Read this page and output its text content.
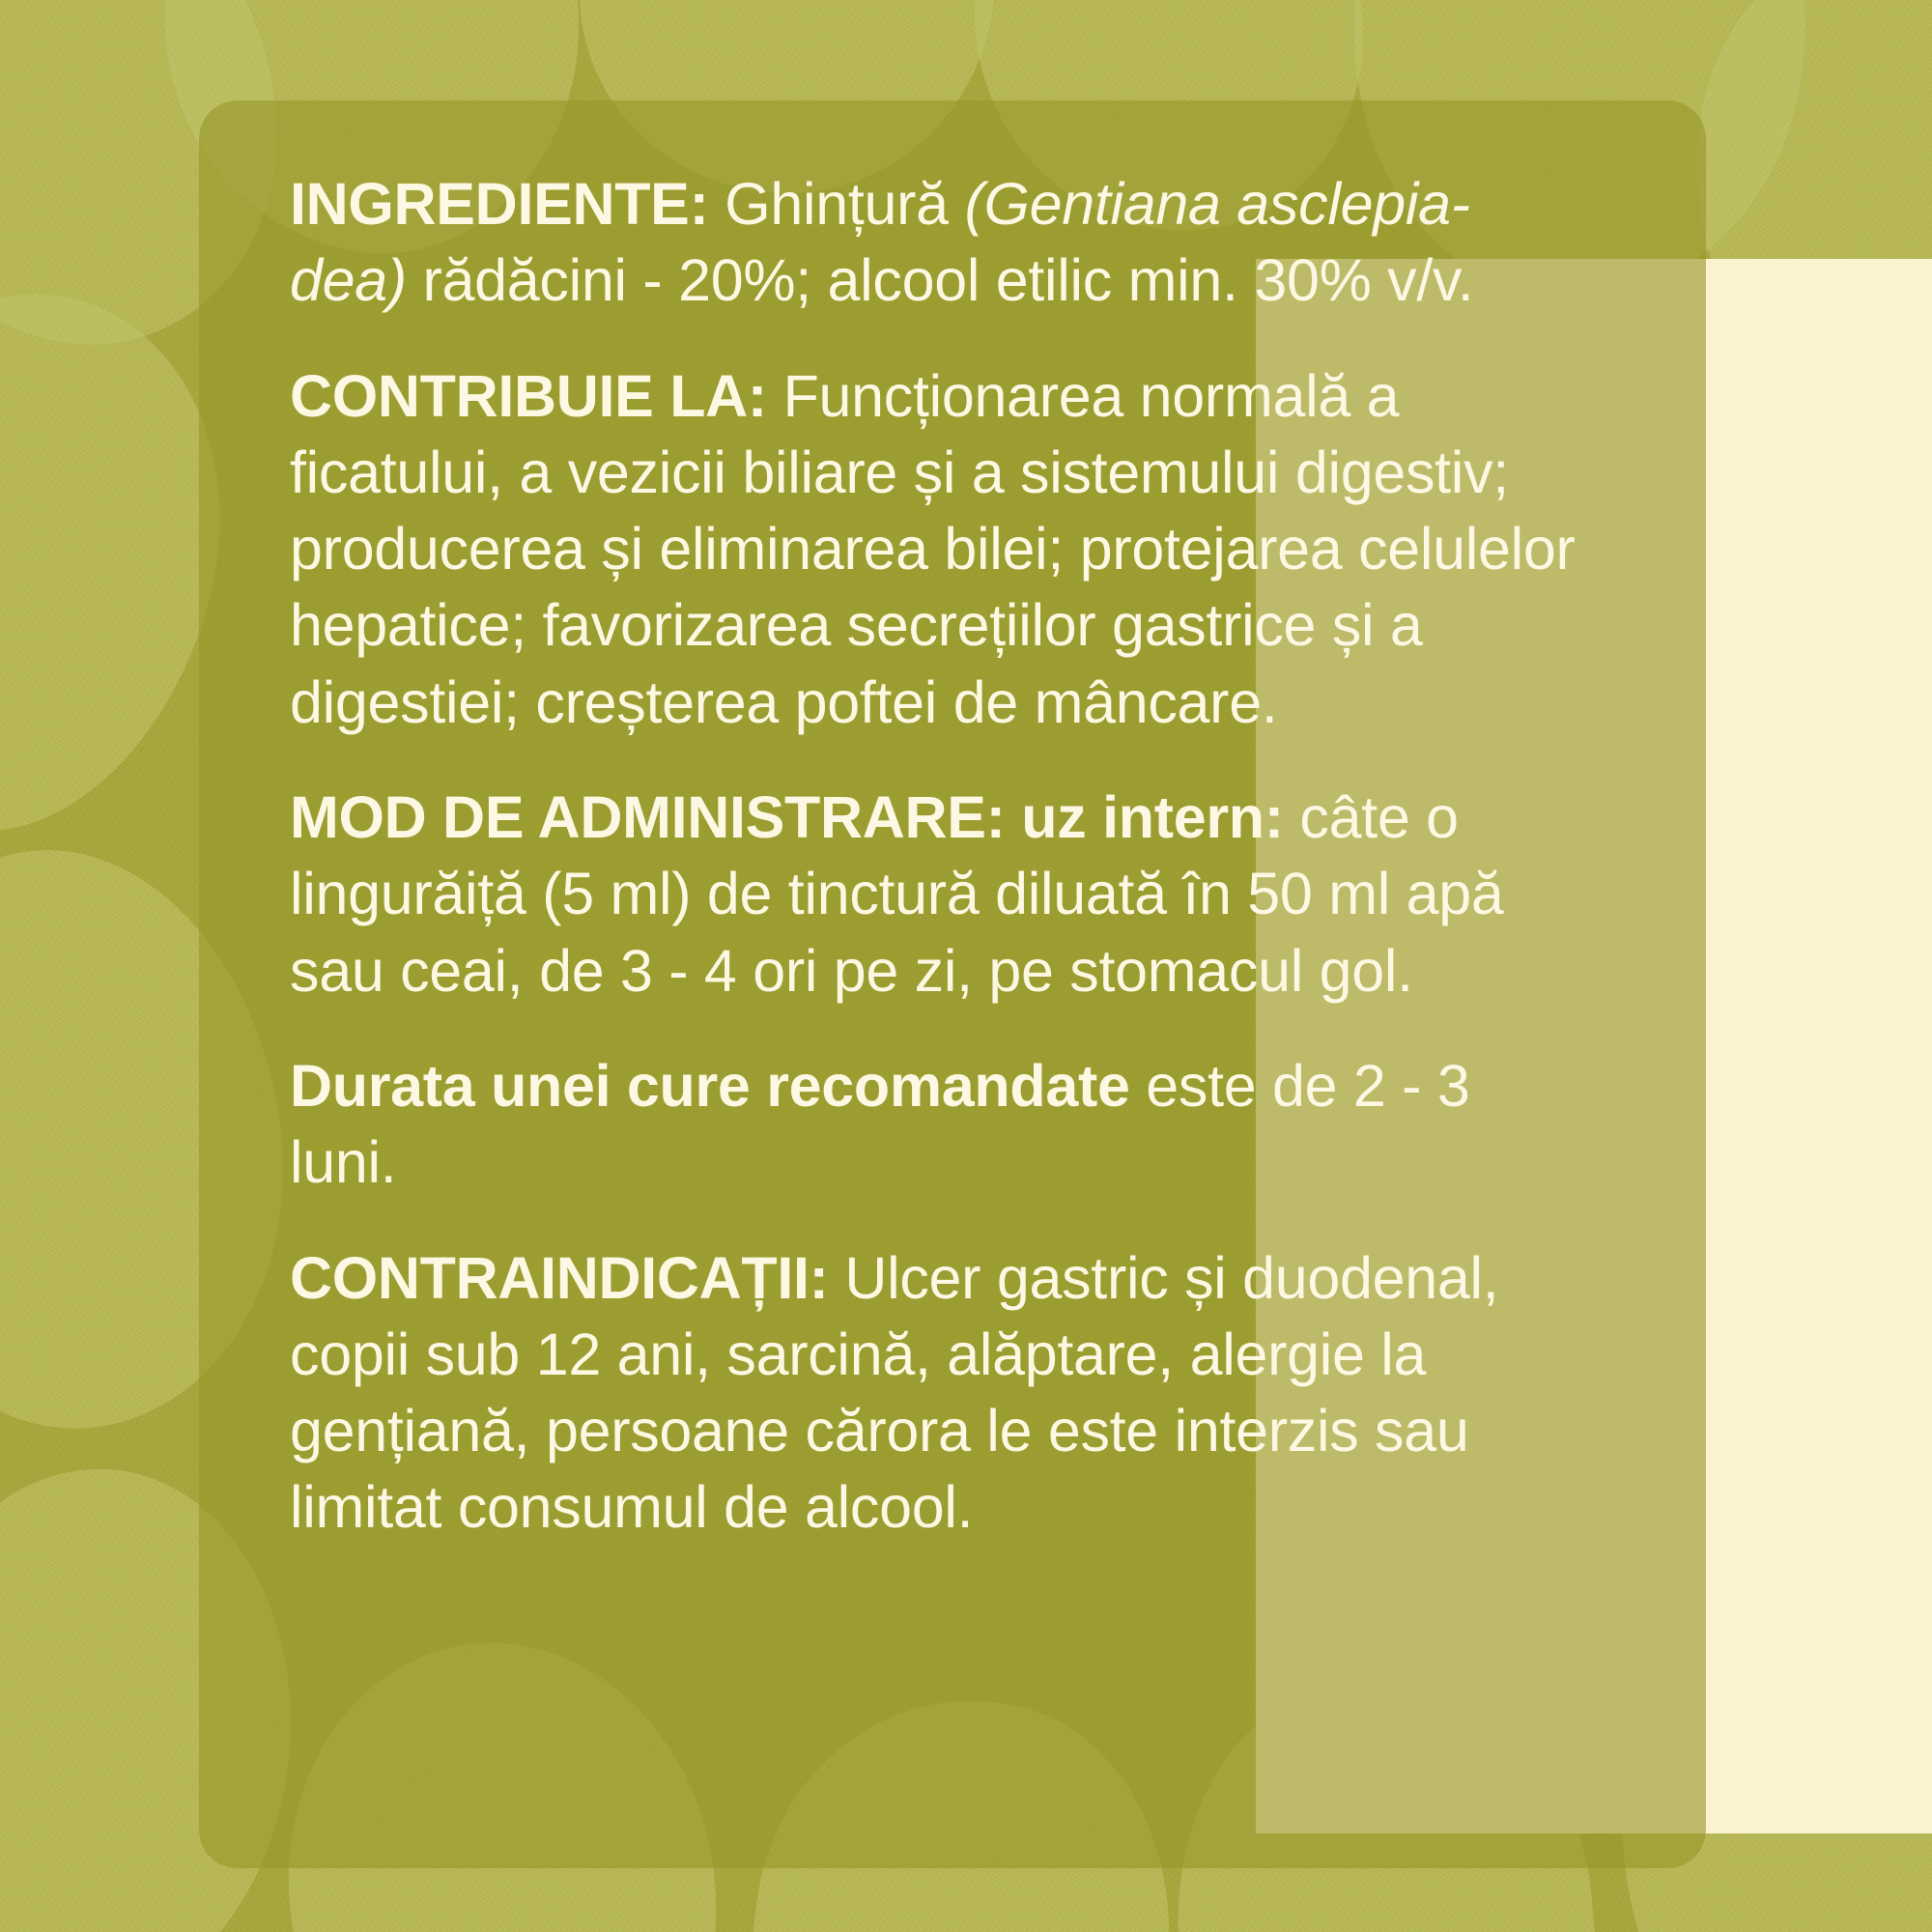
INGREDIENTE: Ghințură (Gentiana asclepia-dea) rădăcini - 20%; alcool etilic min. 30% v/v.

CONTRIBUIE LA: Funcționarea normală a ficatului, a vezicii biliare și a sistemului digestiv; producerea și eliminarea bilei; protejarea celulelor hepatice; favorizarea secrețiilor gastrice și a digestiei; creșterea poftei de mâncare.

MOD DE ADMINISTRARE: uz intern: câte o lingurăiță (5 ml) de tinctură diluată în 50 ml apă sau ceai, de 3 - 4 ori pe zi, pe stomacul gol.

Durata unei cure recomandate este de 2 - 3 luni.

CONTRAINDICAȚII: Ulcer gastric și duodenal, copii sub 12 ani, sarcină, alăptare, alergie la gențiană, persoane cărora le este interzis sau limitat consumul de alcool.
